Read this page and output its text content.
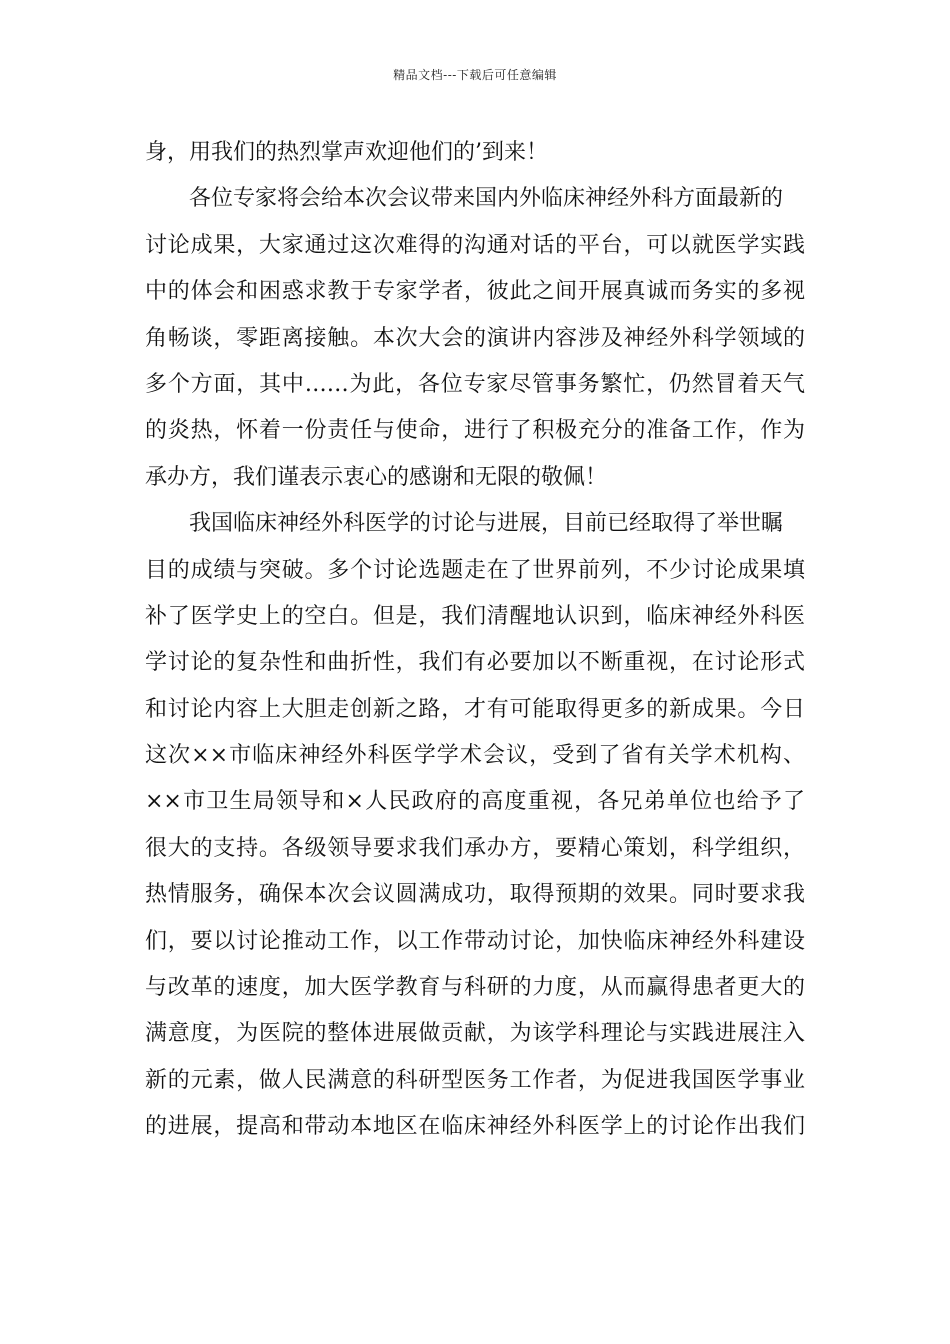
精品文档---下载后可任意编辑
身，用我们的热烈掌声欢迎他们的’到来！
各位专家将会给本次会议带来国内外临床神经外科方面最新的
讨论成果，大家通过这次难得的沟通对话的平台，可以就医学实践
中的体会和困惑求教于专家学者，彼此之间开展真诚而务实的多视
角畅谈，零距离接触。本次大会的演讲内容涉及神经外科学领域的
多个方面，其中……为此，各位专家尽管事务繁忙，仍然冒着天气
的炎热，怀着一份责任与使命，进行了积极充分的准备工作，作为
承办方，我们谨表示衷心的感谢和无限的敬佩！
我国临床神经外科医学的讨论与进展，目前已经取得了举世瞩
目的成绩与突破。多个讨论选题走在了世界前列，不少讨论成果填
补了医学史上的空白。但是，我们清醒地认识到，临床神经外科医
学讨论的复杂性和曲折性，我们有必要加以不断重视，在讨论形式
和讨论内容上大胆走创新之路，才有可能取得更多的新成果。今日
这次××市临床神经外科医学学术会议，受到了省有关学术机构、
××市卫生局领导和×人民政府的高度重视，各兄弟单位也给予了
很大的支持。各级领导要求我们承办方，要精心策划，科学组织，
热情服务，确保本次会议圆满成功，取得预期的效果。同时要求我
们，要以讨论推动工作，以工作带动讨论，加快临床神经外科建设
与改革的速度，加大医学教育与科研的力度，从而赢得患者更大的
满意度，为医院的整体进展做贡献，为该学科理论与实践进展注入
新的元素，做人民满意的科研型医务工作者，为促进我国医学事业
的进展，提高和带动本地区在临床神经外科医学上的讨论作出我们
